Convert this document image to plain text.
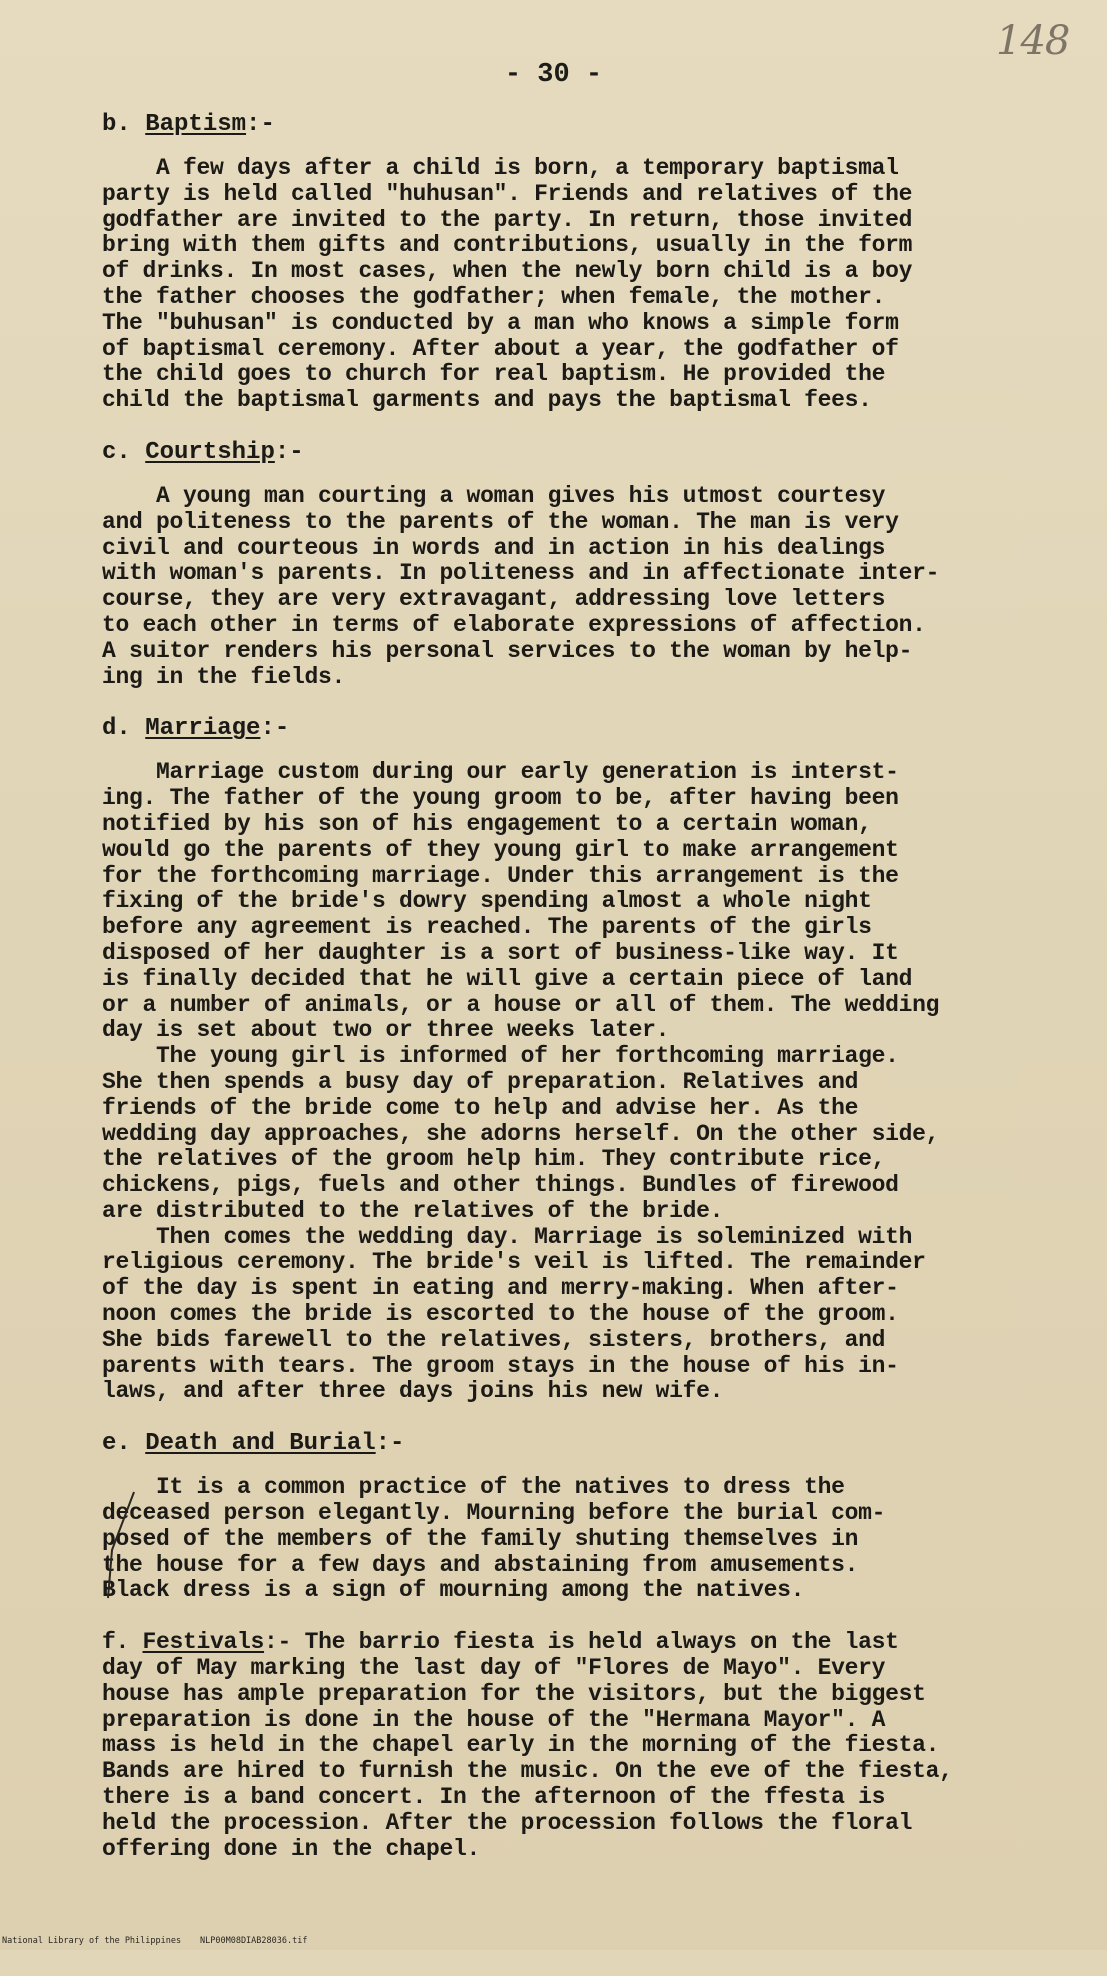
148
- 30 -
b. Baptism:-

A few days after a child is born, a temporary baptismal
party is held called "huhusan". Friends and relatives of the
godfather are invited to the party. In return, those invited
bring with them gifts and contributions, usually in the form
of drinks. In most cases, when the newly born child is a boy
the father chooses the godfather; when female, the mother.
The "buhusan" is conducted by a man who knows a simple form
of baptismal ceremony. After about a year, the godfather of
the child goes to church for real baptism. He provided the
child the baptismal garments and pays the baptismal fees.

c. Courtship:-

A young man courting a woman gives his utmost courtesy
and politeness to the parents of the woman. The man is very
civil and courteous in words and in action in his dealings
with woman's parents. In politeness and in affectionate inter-
course, they are very extravagant, addressing love letters
to each other in terms of elaborate expressions of affection.
A suitor renders his personal services to the woman by help-
ing in the fields.

d. Marriage:-

Marriage custom during our early generation is interst-
ing. The father of the young groom to be, after having been
notified by his son of his engagement to a certain woman,
would go the parents of they young girl to make arrangement
for the forthcoming marriage. Under this arrangement is the
fixing of the bride's dowry spending almost a whole night
before any agreement is reached. The parents of the girls
disposed of her daughter is a sort of business-like way. It
is finally decided that he will give a certain piece of land
or a number of animals, or a house or all of them. The wedding
day is set about two or three weeks later.

The young girl is informed of her forthcoming marriage.
She then spends a busy day of preparation. Relatives and
friends of the bride come to help and advise her. As the
wedding day approaches, she adorns herself. On the other side,
the relatives of the groom help him. They contribute rice,
chickens, pigs, fuels and other things. Bundles of firewood
are distributed to the relatives of the bride.

Then comes the wedding day. Marriage is soleminized with
religious ceremony. The bride's veil is lifted. The remainder
of the day is spent in eating and merry-making. When after-
noon comes the bride is escorted to the house of the groom.
She bids farewell to the relatives, sisters, brothers, and
parents with tears. The groom stays in the house of his in-
laws, and after three days joins his new wife.

e. Death and Burial:-

It is a common practice of the natives to dress the
deceased person elegantly. Mourning before the burial com-
posed of the members of the family shuting themselves in
the house for a few days and abstaining from amusements.
Black dress is a sign of mourning among the natives.

f. Festivals:- The barrio fiesta is held always on the last

day of May marking the last day of "Flores de Mayo". Every
house has ample preparation for the visitors, but the biggest
preparation is done in the house of the "Hermana Mayor". A
mass is held in the chapel early in the morning of the fiesta.
Bands are hired to furnish the music. On the eve of the fiesta,
there is a band concert. In the afternoon of the ffesta is
held the procession. After the procession follows the floral
offering done in the chapel.

National Library of the Philippines

NLP00M08DIAB28036.tif
